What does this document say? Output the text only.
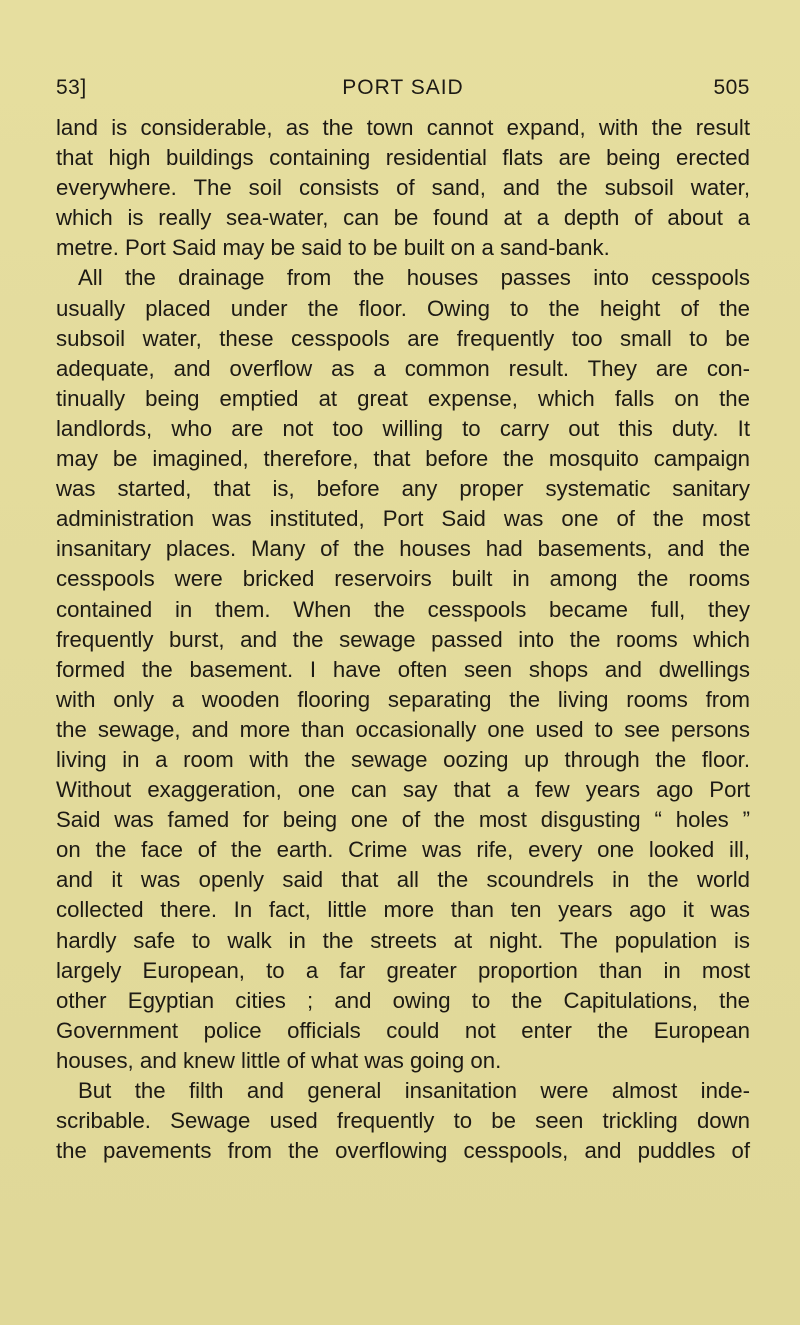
53]	PORT SAID	505
land is considerable, as the town cannot expand, with the result
that high buildings containing residential flats are being erected
everywhere. The soil consists of sand, and the subsoil water,
which is really sea-water, can be found at a depth of about a
metre. Port Said may be said to be built on a sand-bank.
All the drainage from the houses passes into cesspools
usually placed under the floor. Owing to the height of the
subsoil water, these cesspools are frequently too small to be
adequate, and overflow as a common result. They are con-
tinually being emptied at great expense, which falls on the
landlords, who are not too willing to carry out this duty. It
may be imagined, therefore, that before the mosquito campaign
was started, that is, before any proper systematic sanitary
administration was instituted, Port Said was one of the most
insanitary places. Many of the houses had basements, and the
cesspools were bricked reservoirs built in among the rooms
contained in them. When the cesspools became full, they
frequently burst, and the sewage passed into the rooms which
formed the basement. I have often seen shops and dwellings
with only a wooden flooring separating the living rooms from
the sewage, and more than occasionally one used to see persons
living in a room with the sewage oozing up through the floor.
Without exaggeration, one can say that a few years ago Port
Said was famed for being one of the most disgusting “ holes ”
on the face of the earth. Crime was rife, every one looked ill,
and it was openly said that all the scoundrels in the world
collected there. In fact, little more than ten years ago it was
hardly safe to walk in the streets at night. The population is
largely European, to a far greater proportion than in most
other Egyptian cities ; and owing to the Capitulations, the
Government police officials could not enter the European
houses, and knew little of what was going on.
But the filth and general insanitation were almost inde-
scribable. Sewage used frequently to be seen trickling down
the pavements from the overflowing cesspools, and puddles of
